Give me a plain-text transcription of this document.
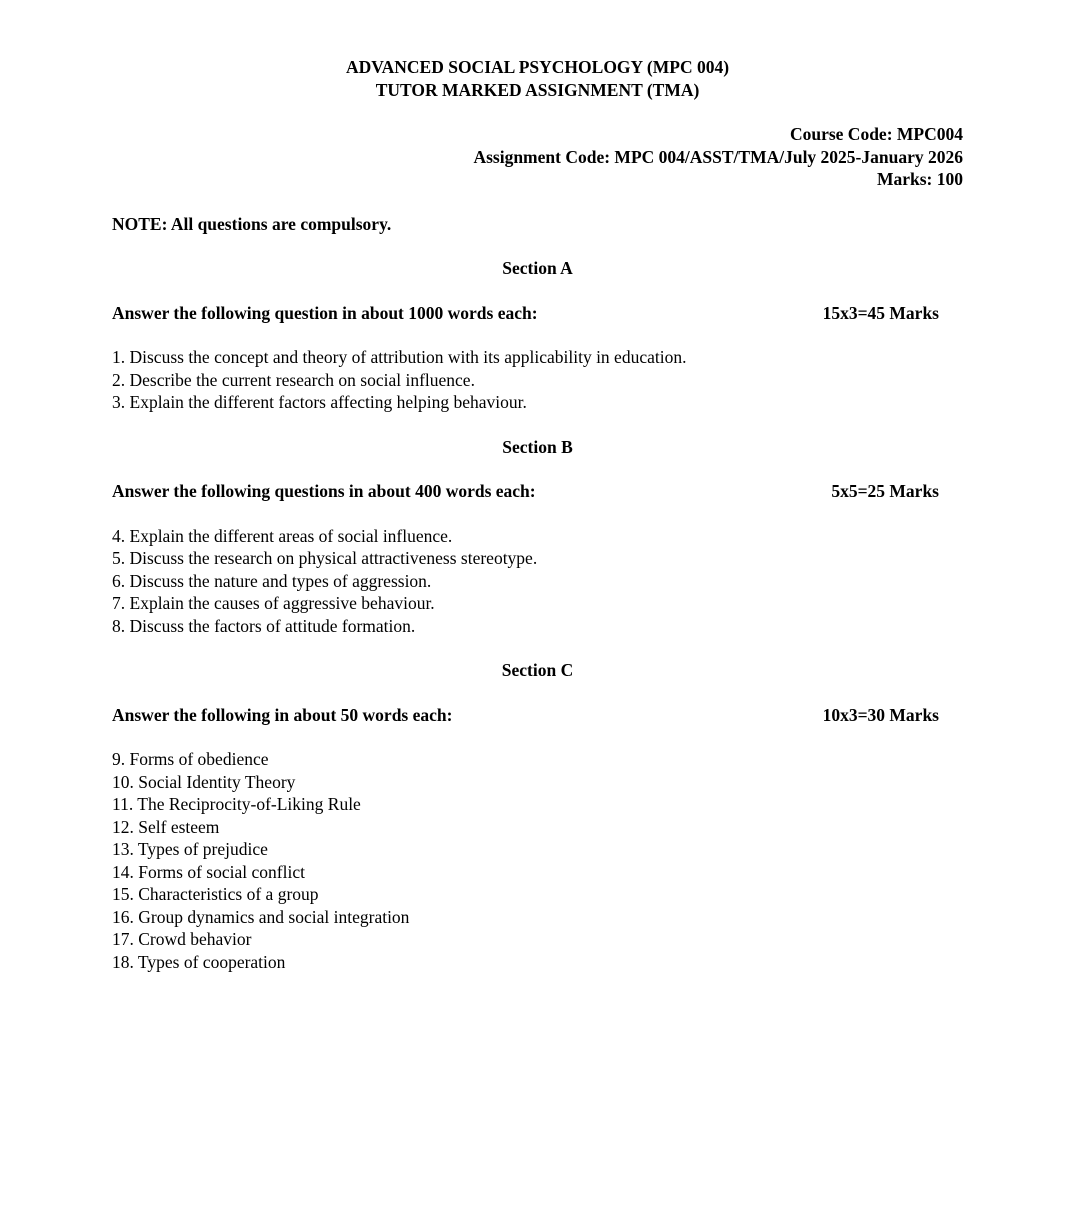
ADVANCED SOCIAL PSYCHOLOGY (MPC 004)

TUTOR MARKED ASSIGNMENT (TMA)

Course Code: MPC004

Assignment Code: MPC 004/ASST/TMA/July 2025-January 2026

Marks: 100

NOTE: All questions are compulsory.

Section A

Answer the following question in about 1000 words each:	15x3=45 Marks

1. Discuss the concept and theory of attribution with its applicability in education.

2. Describe the current research on social influence.

3. Explain the different factors affecting helping behaviour.

Section B

Answer the following questions in about 400 words each:	5x5=25 Marks

4. Explain the different areas of social influence.

5. Discuss the research on physical attractiveness stereotype.

6. Discuss the nature and types of aggression.

7. Explain the causes of aggressive behaviour.

8. Discuss the factors of attitude formation.

Section C

Answer the following in about 50 words each:	10x3=30 Marks

9. Forms of obedience

10. Social Identity Theory

11. The Reciprocity-of-Liking Rule

12. Self esteem

13. Types of prejudice

14. Forms of social conflict

15. Characteristics of a group

16. Group dynamics and social integration

17. Crowd behavior

18. Types of cooperation
